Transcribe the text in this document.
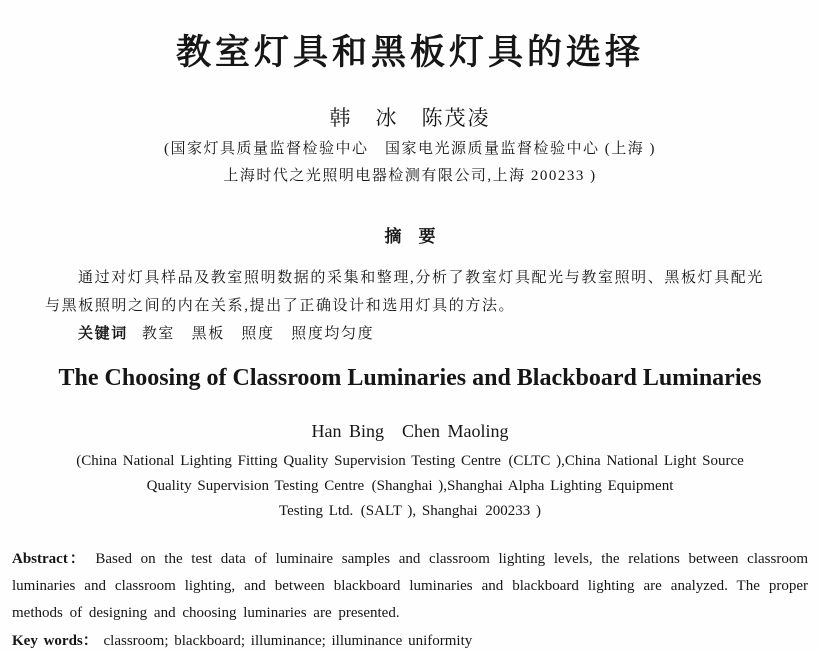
教室灯具和黑板灯具的选择
韩　冰　陈茂凌
(国家灯具质量监督检验中心　国家电光源质量监督检验中心 (上海 )
上海时代之光照明电器检测有限公司,上海 200233 )
摘　要
通过对灯具样品及教室照明数据的采集和整理,分析了教室灯具配光与教室照明、黑板灯具配光
与黑板照明之间的内在关系,提出了正确设计和选用灯具的方法。
关键词 教室　黑板　照度　照度均匀度
The Choosing of Classroom Luminaries and Blackboard Luminaries
Han Bing  Chen Maoling
(China National Lighting Fitting Quality Supervision Testing Centre (CLTC ),China National Light Source
Quality Supervision Testing Centre (Shanghai ),Shanghai Alpha Lighting Equipment
Testing Ltd. (SALT ), Shanghai 200233 )

Abstract： Based on the test data of luminaire samples and classroom lighting levels, the relations between classroom luminaries and classroom lighting, and between blackboard luminaries and blackboard lighting are analyzed. The proper methods of designing and choosing luminaries are presented.

Key words： classroom; blackboard; illuminance; illuminance uniformity
